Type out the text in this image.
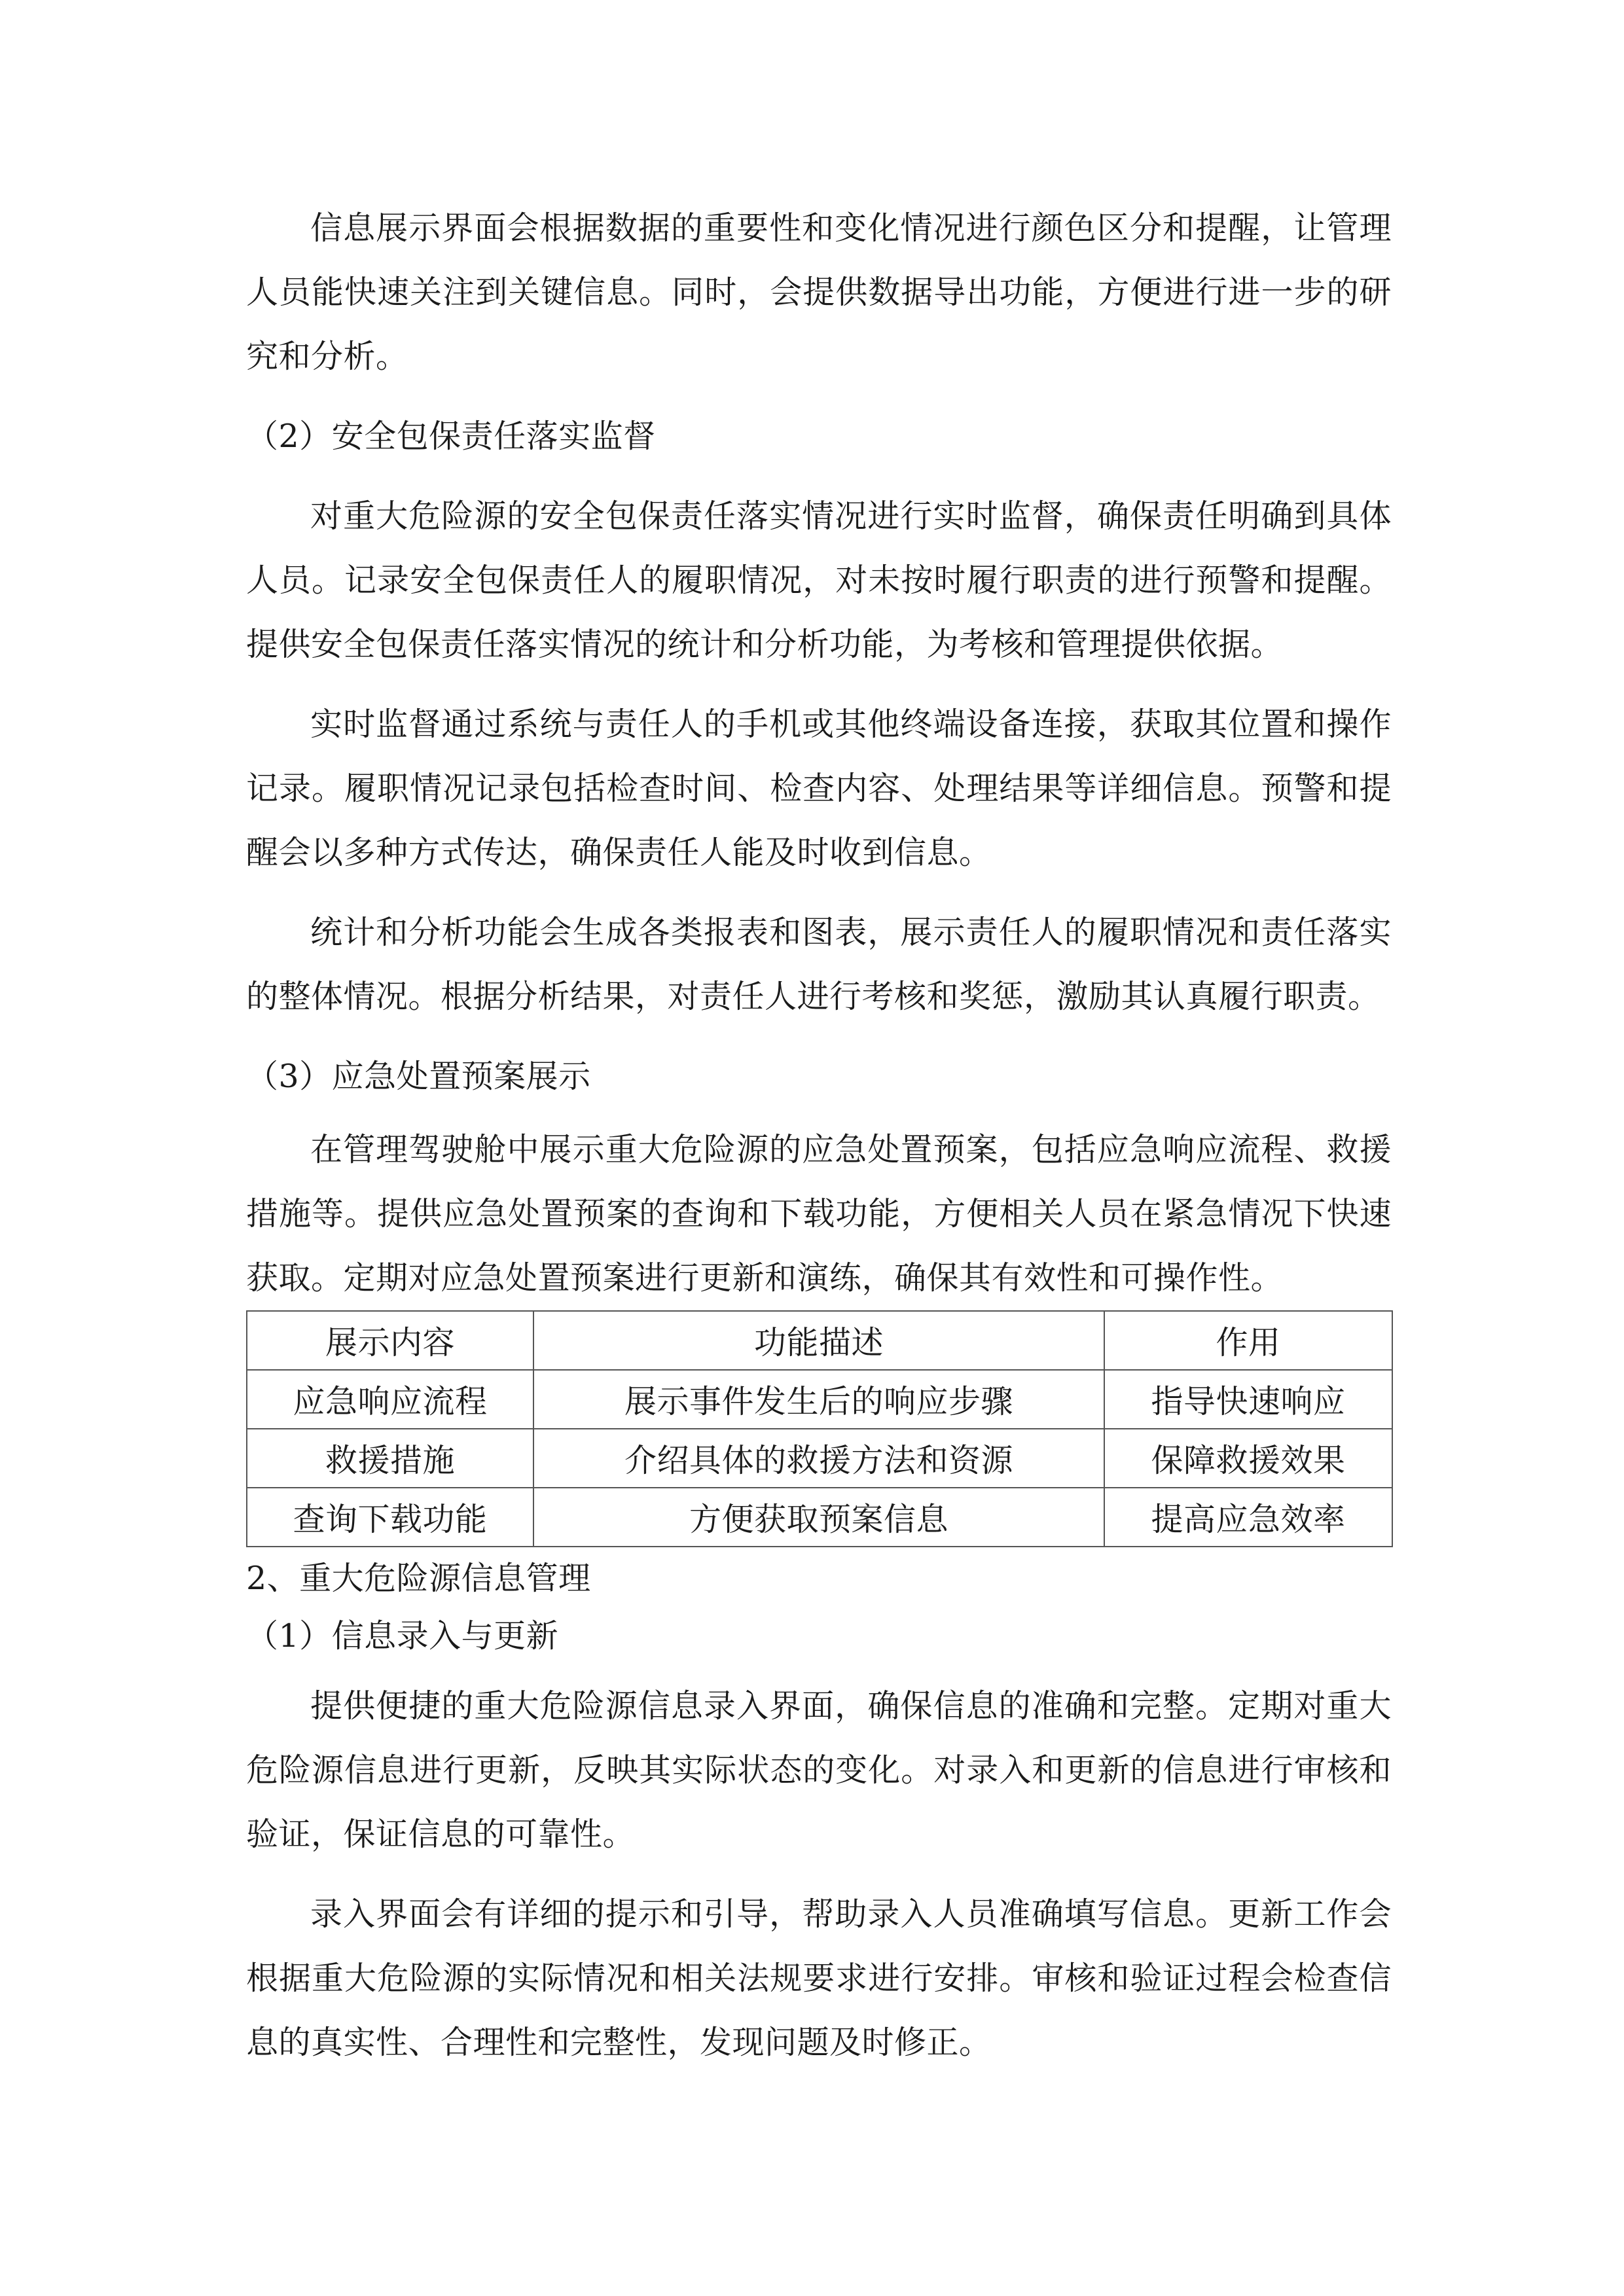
信息展示界面会根据数据的重要性和变化情况进行颜色区分和提醒，让管理人员能快速关注到关键信息。同时，会提供数据导出功能，方便进行进一步的研究和分析。

（2）安全包保责任落实监督

对重大危险源的安全包保责任落实情况进行实时监督，确保责任明确到具体人员。记录安全包保责任人的履职情况，对未按时履行职责的进行预警和提醒。提供安全包保责任落实情况的统计和分析功能，为考核和管理提供依据。

实时监督通过系统与责任人的手机或其他终端设备连接，获取其位置和操作记录。履职情况记录包括检查时间、检查内容、处理结果等详细信息。预警和提醒会以多种方式传达，确保责任人能及时收到信息。

统计和分析功能会生成各类报表和图表，展示责任人的履职情况和责任落实的整体情况。根据分析结果，对责任人进行考核和奖惩，激励其认真履行职责。

（3）应急处置预案展示

在管理驾驶舱中展示重大危险源的应急处置预案，包括应急响应流程、救援措施等。提供应急处置预案的查询和下载功能，方便相关人员在紧急情况下快速获取。定期对应急处置预案进行更新和演练，确保其有效性和可操作性。

展示内容	功能描述	作用
应急响应流程	展示事件发生后的响应步骤	指导快速响应
救援措施	介绍具体的救援方法和资源	保障救援效果
查询下载功能	方便获取预案信息	提高应急效率

2、重大危险源信息管理

（1）信息录入与更新

提供便捷的重大危险源信息录入界面，确保信息的准确和完整。定期对重大危险源信息进行更新，反映其实际状态的变化。对录入和更新的信息进行审核和验证，保证信息的可靠性。

录入界面会有详细的提示和引导，帮助录入人员准确填写信息。更新工作会根据重大危险源的实际情况和相关法规要求进行安排。审核和验证过程会检查信息的真实性、合理性和完整性，发现问题及时修正。
